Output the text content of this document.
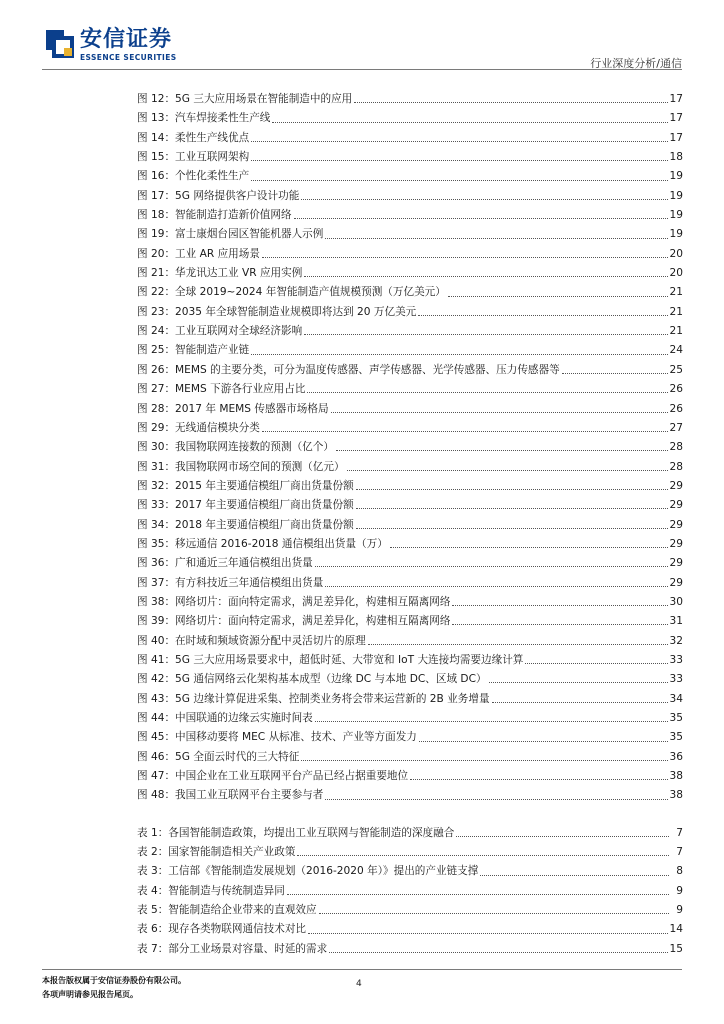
安信证券
ESSENCE SECURITIES	行业深度分析/通信
图 12： 5G 三大应用场景在智能制造中的应用	17
图 13： 汽车焊接柔性生产线	17
图 14： 柔性生产线优点	17
图 15： 工业互联网架构	18
图 16： 个性化柔性生产	19
图 17： 5G 网络提供客户设计功能	19
图 18： 智能制造打造新价值网络	19
图 19： 富士康烟台园区智能机器人示例	19
图 20： 工业 AR 应用场景	20
图 21： 华龙讯达工业 VR 应用实例	20
图 22： 全球 2019~2024 年智能制造产值规模预测（万亿美元）	21
图 23： 2035 年全球智能制造业规模即将达到 20 万亿美元	21
图 24： 工业互联网对全球经济影响	21
图 25： 智能制造产业链	24
图 26： MEMS 的主要分类，可分为温度传感器、声学传感器、光学传感器、压力传感器等	25
图 27： MEMS 下游各行业应用占比	26
图 28： 2017 年 MEMS 传感器市场格局	26
图 29： 无线通信模块分类	27
图 30： 我国物联网连接数的预测（亿个）	28
图 31： 我国物联网市场空间的预测（亿元）	28
图 32： 2015 年主要通信模组厂商出货量份额	29
图 33： 2017 年主要通信模组厂商出货量份额	29
图 34： 2018 年主要通信模组厂商出货量份额	29
图 35： 移远通信 2016-2018 通信模组出货量（万）	29
图 36： 广和通近三年通信模组出货量	29
图 37： 有方科技近三年通信模组出货量	29
图 38： 网络切片：面向特定需求，满足差异化，构建相互隔离网络	30
图 39： 网络切片：面向特定需求，满足差异化，构建相互隔离网络	31
图 40： 在时域和频域资源分配中灵活切片的原理	32
图 41： 5G 三大应用场景要求中，超低时延、大带宽和 IoT 大连接均需要边缘计算	33
图 42： 5G 通信网络云化架构基本成型（边缘 DC 与本地 DC、区域 DC）	33
图 43： 5G 边缘计算促进采集、控制类业务将会带来运营新的 2B 业务增量	34
图 44： 中国联通的边缘云实施时间表	35
图 45： 中国移动要将 MEC 从标准、技术、产业等方面发力	35
图 46： 5G 全面云时代的三大特征	36
图 47： 中国企业在工业互联网平台产品已经占据重要地位	38
图 48： 我国工业互联网平台主要参与者	38
表 1： 各国智能制造政策，均提出工业互联网与智能制造的深度融合	7
表 2： 国家智能制造相关产业政策	7
表 3： 工信部《智能制造发展规划（2016-2020 年）》提出的产业链支撑	8
表 4： 智能制造与传统制造异同	9
表 5： 智能制造给企业带来的直观效应	9
表 6： 现存各类物联网通信技术对比	14
表 7： 部分工业场景对容量、时延的需求	15
本报告版权属于安信证券股份有限公司。
各项声明请参见报告尾页。
4
